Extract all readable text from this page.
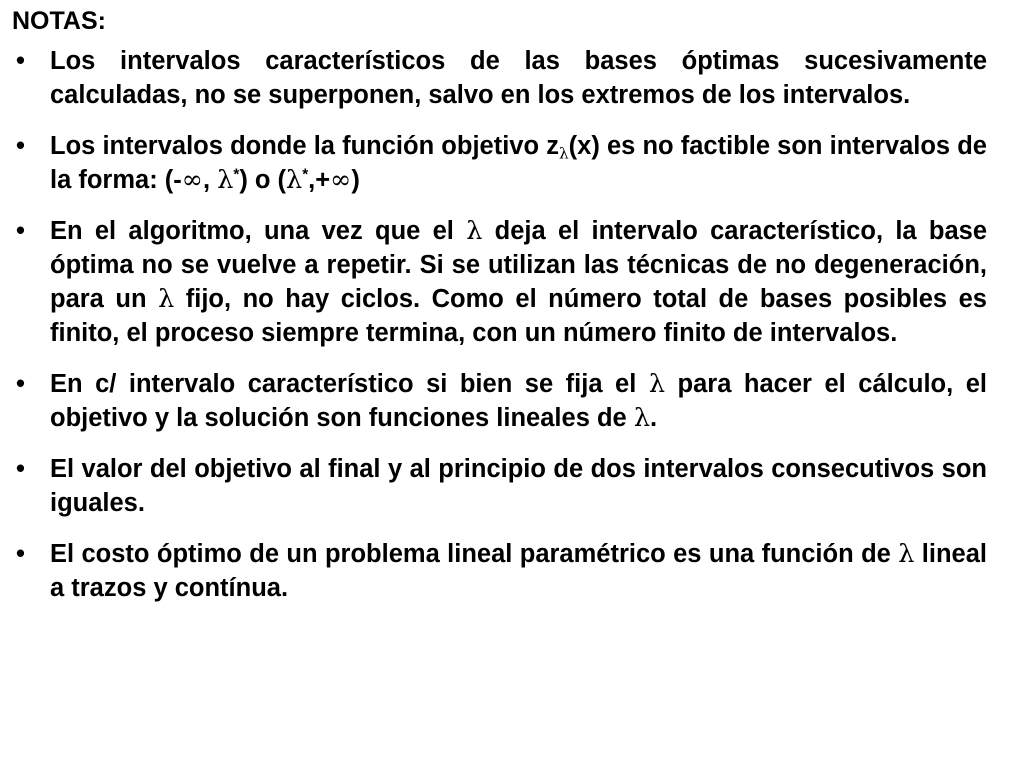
NOTAS:
• Los intervalos característicos de las bases óptimas sucesivamente calculadas, no se superponen, salvo en los extremos de los intervalos.
• Los intervalos donde la función objetivo $z_\lambda(x)$ es no factible son intervalos de la forma: (-∞, λ*) o (λ*,+∞)
• En el algoritmo, una vez que el λ deja el intervalo característico, la base óptima no se vuelve a repetir. Si se utilizan las técnicas de no degeneración, para un λ fijo, no hay ciclos. Como el número total de bases posibles es finito, el proceso siempre termina, con un número finito de intervalos.
• En c/ intervalo característico si bien se fija el λ para hacer el cálculo, el objetivo y la solución son funciones lineales de λ.
• El valor del objetivo al final y al principio de dos intervalos consecutivos son iguales.
• El costo óptimo de un problema lineal paramétrico es una función de λ lineal a trazos y contínua.
